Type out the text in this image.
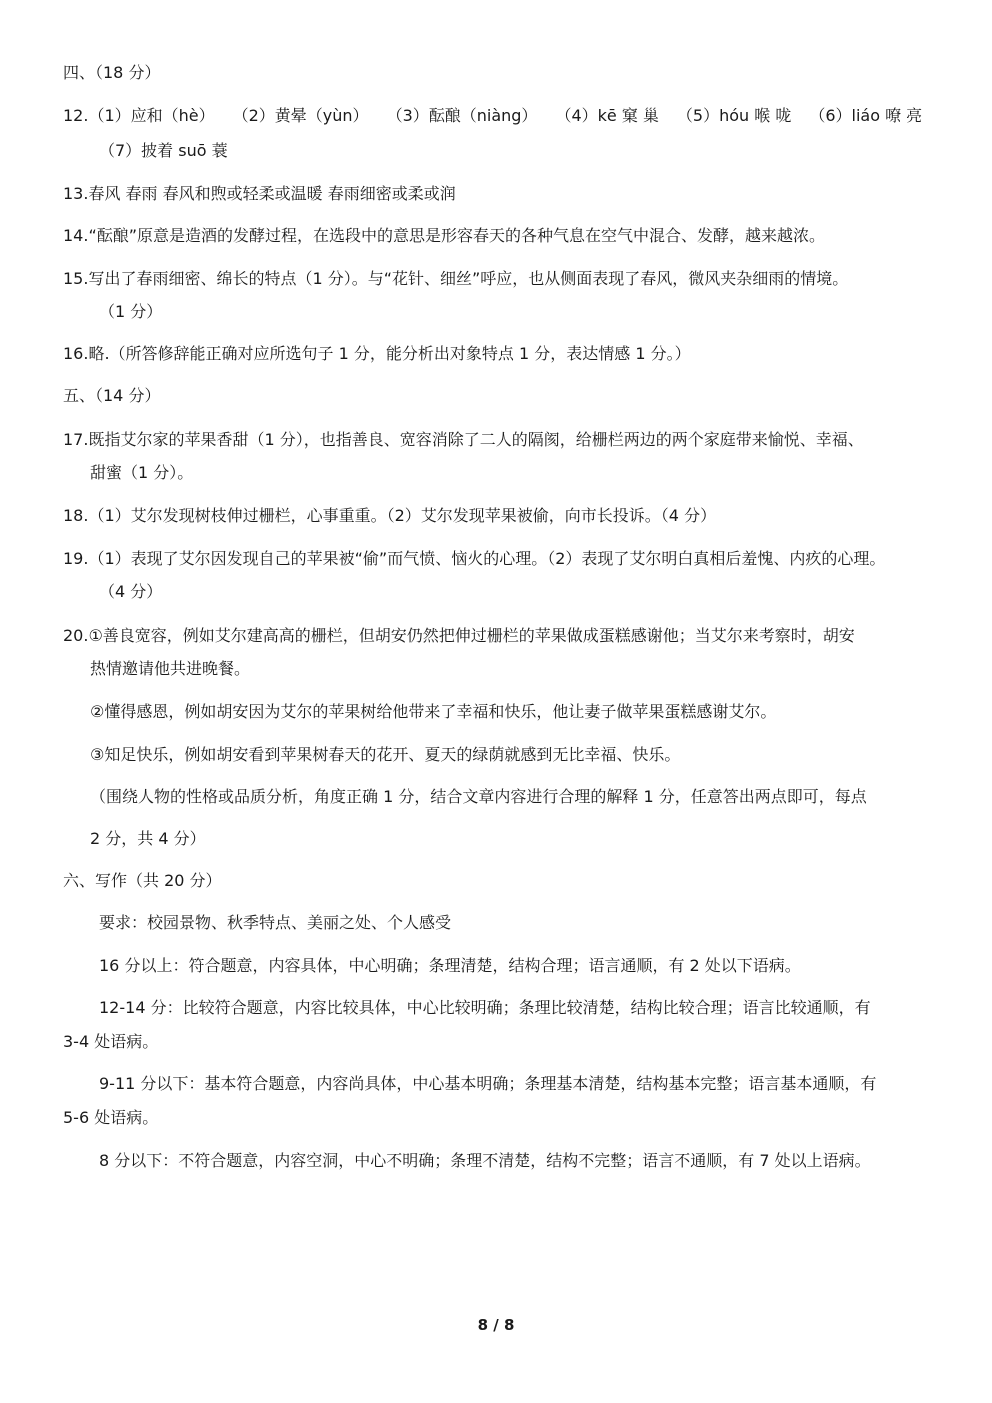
四、（18 分）
12.（1）应和（hè） （2）黄晕（yùn） （3）酝酿（niàng） （4）kē 窠 巢 （5）hóu 喉 咙 （6）liáo 嘹 亮
（7）披着 suō 蓑
13.春风 春雨 春风和煦或轻柔或温暖 春雨细密或柔或润
14.“酝酿”原意是造酒的发酵过程，在选段中的意思是形容春天的各种气息在空气中混合、发酵，越来越浓。
15.写出了春雨细密、绵长的特点（1 分）。与“花针、细丝”呼应，也从侧面表现了春风，微风夹杂细雨的情境。
（1 分）
16.略.（所答修辞能正确对应所选句子 1 分，能分析出对象特点 1 分，表达情感 1 分。）
五、（14 分）
17.既指艾尔家的苹果香甜（1 分），也指善良、宽容消除了二人的隔阂，给栅栏两边的两个家庭带来愉悦、幸福、
甜蜜（1 分）。
18.（1）艾尔发现树枝伸过栅栏，心事重重。（2）艾尔发现苹果被偷，向市长投诉。（4 分）
19.（1）表现了艾尔因发现自己的苹果被“偷”而气愤、恼火的心理。（2）表现了艾尔明白真相后羞愧、内疚的心理。
（4 分）
20.①善良宽容，例如艾尔建高高的栅栏，但胡安仍然把伸过栅栏的苹果做成蛋糕感谢他；当艾尔来考察时，胡安
热情邀请他共进晚餐。
②懂得感恩，例如胡安因为艾尔的苹果树给他带来了幸福和快乐，他让妻子做苹果蛋糕感谢艾尔。
③知足快乐，例如胡安看到苹果树春天的花开、夏天的绿荫就感到无比幸福、快乐。
（围绕人物的性格或品质分析，角度正确 1 分，结合文章内容进行合理的解释 1 分，任意答出两点即可，每点
2 分，共 4 分）
六、写作（共 20 分）
要求：校园景物、秋季特点、美丽之处、个人感受
16 分以上：符合题意，内容具体，中心明确；条理清楚，结构合理；语言通顺，有 2 处以下语病。
12-14 分：比较符合题意，内容比较具体，中心比较明确；条理比较清楚，结构比较合理；语言比较通顺，有
3-4 处语病。
9-11 分以下：基本符合题意，内容尚具体，中心基本明确；条理基本清楚，结构基本完整；语言基本通顺，有
5-6 处语病。
8 分以下：不符合题意，内容空洞，中心不明确；条理不清楚，结构不完整；语言不通顺，有 7 处以上语病。
8 / 8
